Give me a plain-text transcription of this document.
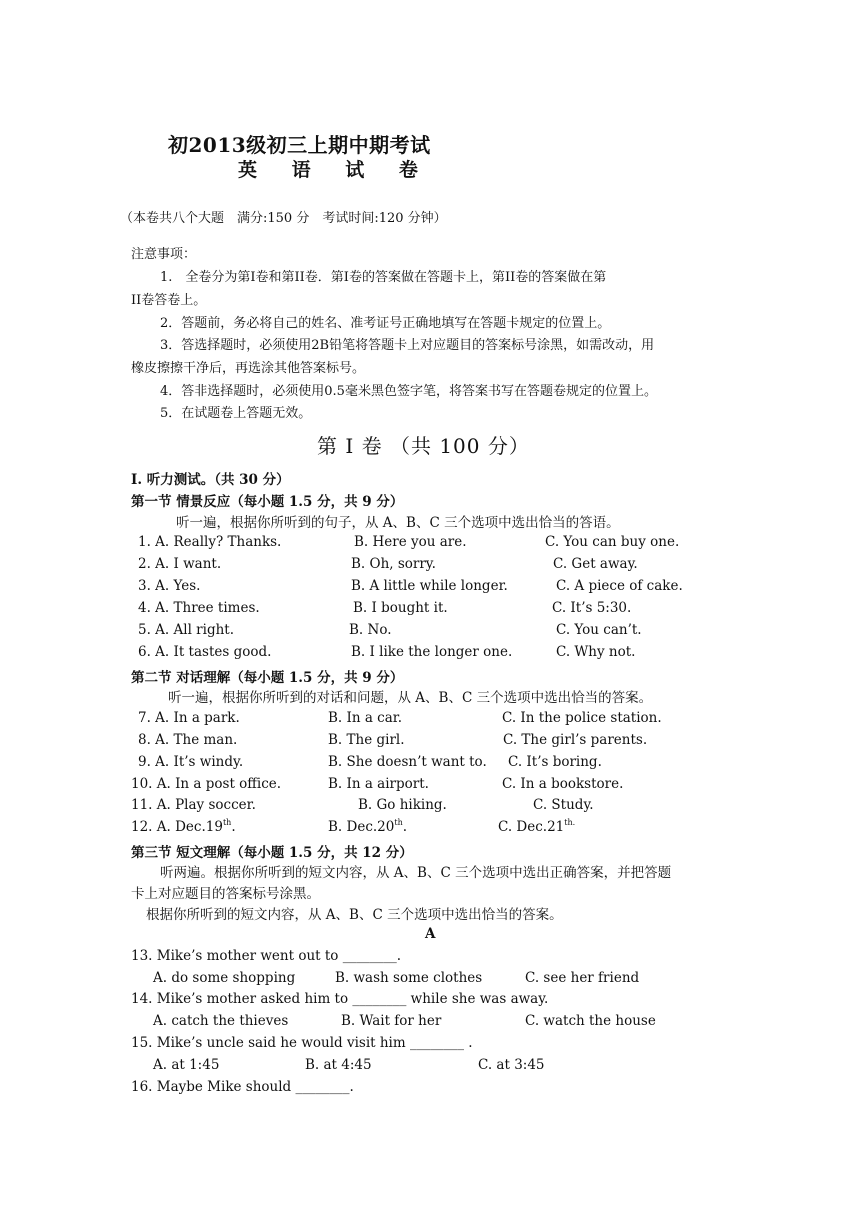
初2013级初三上期中期考试
英 语 试 卷
（本卷共八个大题　满分:150 分　考试时间:120 分钟）
注意事项：
1.　全卷分为第Ⅰ卷和第ⅠⅠ卷．第Ⅰ卷的答案做在答题卡上，第ⅠⅠ卷的答案做在第
ⅠⅠ卷答卷上。
2．答题前，务必将自己的姓名、准考证号正确地填写在答题卡规定的位置上。
3．答选择题时，必须使用2B铅笔将答题卡上对应题目的答案标号涂黑，如需改动，用
橡皮擦擦干净后，再选涂其他答案标号。
4．答非选择题时，必须使用0.5毫米黑色签字笔，将答案书写在答题卷规定的位置上。
5．在试题卷上答题无效。
第 I 卷 （共 100 分）
I. 听力测试。（共 30 分）
第一节 情景反应（每小题 1.5 分，共 9 分）
听一遍，根据你所听到的句子，从 A、B、C 三个选项中选出恰当的答语。
1. A. Really? Thanks.	B. Here you are.	C. You can buy one.
2. A. I want.	B. Oh, sorry.	C. Get away.
3. A. Yes.	B. A little while longer.	C. A piece of cake.
4. A. Three times.	B. I bought it.	C. It’s 5:30.
5. A. All right.	B. No.	C. You can’t.
6. A. It tastes good.	B. I like the longer one.	C. Why not.
第二节 对话理解（每小题 1.5 分，共 9 分）
听一遍，根据你所听到的对话和问题，从 A、B、C 三个选项中选出恰当的答案。
7. A. In a park.	B. In a car.	C. In the police station.
8. A. The man.	B. The girl.	C. The girl’s parents.
9. A. It’s windy.	B. She doesn’t want to. C. It’s boring.
10. A. In a post office.	B. In a airport.	C. In a bookstore.
11. A. Play soccer.	B. Go hiking.	C. Study.
12. A. Dec.19th.	B. Dec.20th.	C. $Dec.21^{th.}$
第三节 短文理解（每小题 1.5 分，共 12 分）
听两遍。根据你所听到的短文内容，从 A、B、C 三个选项中选出正确答案，并把答题
卡上对应题目的答案标号涂黑。
根据你所听到的短文内容，从 A、B、C 三个选项中选出恰当的答案。
A
13. Mike’s mother went out to ________.
A. do some shopping	B. wash some clothes	C. see her friend
14. Mike’s mother asked him to ________ while she was away.
A. catch the thieves	B. Wait for her	C. watch the house
15. Mike’s uncle said he would visit him ________ .
A. at 1:45	B. at 4:45	C. at 3:45
16. Maybe Mike should ________.
